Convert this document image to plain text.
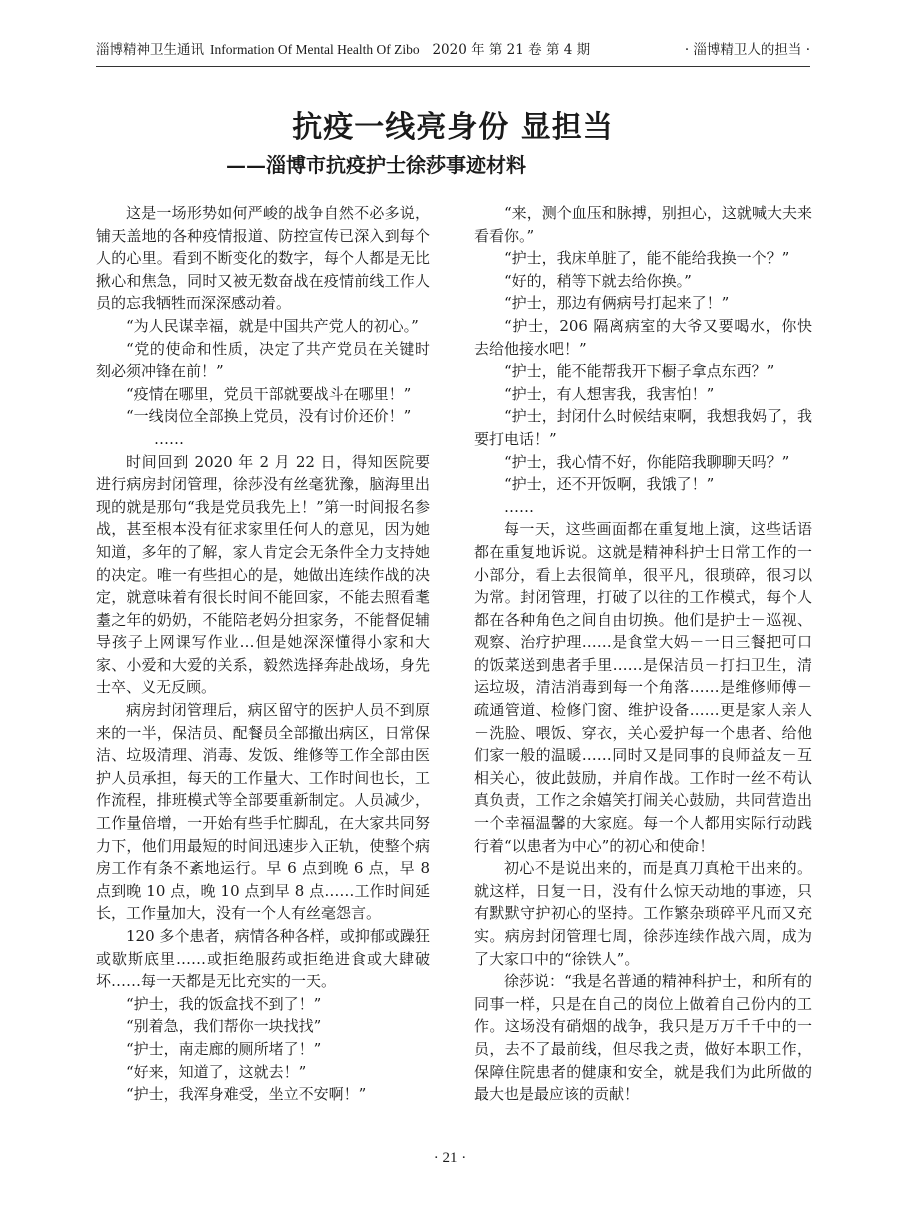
淄博精神卫生通讯 Information Of Mental Health Of Zibo 2020 年 第 21 卷 第 4 期	· 淄博精卫人的担当 ·
抗疫一线亮身份 显担当
——淄博市抗疫护士徐莎事迹材料

这是一场形势如何严峻的战争自然不必多说，铺天盖地的各种疫情报道、防控宣传已深入到每个人的心里。看到不断变化的数字，每个人都是无比揪心和焦急，同时又被无数奋战在疫情前线工作人员的忘我牺牲而深深感动着。

“为人民谋幸福，就是中国共产党人的初心。”

“党的使命和性质，决定了共产党员在关键时刻必须冲锋在前！”

“疫情在哪里，党员干部就要战斗在哪里！”

“一线岗位全部换上党员，没有讨价还价！”

……

时间回到 2020 年 2 月 22 日，得知医院要进行病房封闭管理，徐莎没有丝毫犹豫，脑海里出现的就是那句“我是党员我先上！”第一时间报名参战，甚至根本没有征求家里任何人的意见，因为她知道，多年的了解，家人肯定会无条件全力支持她的决定。唯一有些担心的是，她做出连续作战的决定，就意味着有很长时间不能回家，不能去照看耄耋之年的奶奶，不能陪老妈分担家务，不能督促辅导孩子上网课写作业…但是她深深懂得小家和大家、小爱和大爱的关系，毅然选择奔赴战场，身先士卒、义无反顾。

病房封闭管理后，病区留守的医护人员不到原来的一半，保洁员、配餐员全部撤出病区，日常保洁、垃圾清理、消毒、发饭、维修等工作全部由医护人员承担，每天的工作量大、工作时间也长，工作流程，排班模式等全部要重新制定。人员减少，工作量倍增，一开始有些手忙脚乱，在大家共同努力下，他们用最短的时间迅速步入正轨，使整个病房工作有条不紊地运行。早 6 点到晚 6 点，早 8 点到晚 10 点，晚 10 点到早 8 点……工作时间延长，工作量加大，没有一个人有丝毫怨言。

120 多个患者，病情各种各样，或抑郁或躁狂或歇斯底里……或拒绝服药或拒绝进食或大肆破坏……每一天都是无比充实的一天。

“护士，我的饭盒找不到了！”

“别着急，我们帮你一块找找”

“护士，南走廊的厕所堵了！”

“好来，知道了，这就去！”

“护士，我浑身难受，坐立不安啊！”

“来，测个血压和脉搏，别担心，这就喊大夫来看看你。”

“护士，我床单脏了，能不能给我换一个？”

“好的，稍等下就去给你换。”

“护士，那边有俩病号打起来了！”

“护士，206 隔离病室的大爷又要喝水，你快去给他接水吧！”

“护士，能不能帮我开下橱子拿点东西？”

“护士，有人想害我，我害怕！”

“护士，封闭什么时候结束啊，我想我妈了，我要打电话！”

“护士，我心情不好，你能陪我聊聊天吗？”

“护士，还不开饭啊，我饿了！”

……

每一天，这些画面都在重复地上演，这些话语都在重复地诉说。这就是精神科护士日常工作的一小部分，看上去很简单，很平凡，很琐碎，很习以为常。封闭管理，打破了以往的工作模式，每个人都在各种角色之间自由切换。他们是护士－巡视、观察、治疗护理……是食堂大妈－一日三餐把可口的饭菜送到患者手里……是保洁员－打扫卫生，清运垃圾，清洁消毒到每一个角落……是维修师傅－疏通管道、检修门窗、维护设备……更是家人亲人－洗脸、喂饭、穿衣，关心爱护每一个患者、给他们家一般的温暖……同时又是同事的良师益友－互相关心，彼此鼓励，并肩作战。工作时一丝不苟认真负责，工作之余嬉笑打闹关心鼓励，共同营造出一个幸福温馨的大家庭。每一个人都用实际行动践行着“以患者为中心”的初心和使命！

初心不是说出来的，而是真刀真枪干出来的。就这样，日复一日，没有什么惊天动地的事迹，只有默默守护初心的坚持。工作繁杂琐碎平凡而又充实。病房封闭管理七周，徐莎连续作战六周，成为了大家口中的“徐铁人”。

徐莎说：“我是名普通的精神科护士，和所有的同事一样，只是在自己的岗位上做着自己份内的工作。这场没有硝烟的战争，我只是万万千千中的一员，去不了最前线，但尽我之责，做好本职工作，保障住院患者的健康和安全，就是我们为此所做的最大也是最应该的贡献！

· 21 ·
